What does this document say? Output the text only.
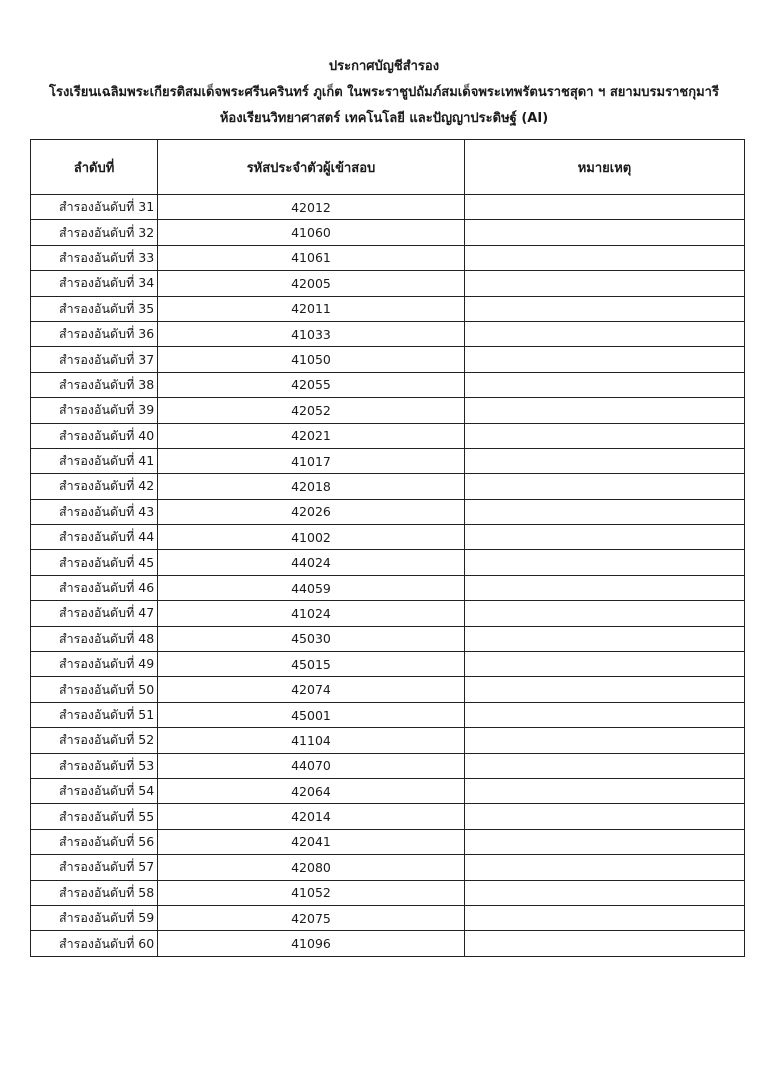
ประกาศบัญชีสำรอง
โรงเรียนเฉลิมพระเกียรติสมเด็จพระศรีนครินทร์ ภูเก็ต ในพระราชูปถัมภ์สมเด็จพระเทพรัตนราชสุดา ฯ สยามบรมราชกุมารี
ห้องเรียนวิทยาศาสตร์ เทคโนโลยี และปัญญาประดิษฐ์ (AI)
ลำดับที่	รหัสประจำตัวผู้เข้าสอบ	หมายเหตุ
สำรองอันดับที่ 31	42012	
สำรองอันดับที่ 32	41060	
สำรองอันดับที่ 33	41061	
สำรองอันดับที่ 34	42005	
สำรองอันดับที่ 35	42011	
สำรองอันดับที่ 36	41033	
สำรองอันดับที่ 37	41050	
สำรองอันดับที่ 38	42055	
สำรองอันดับที่ 39	42052	
สำรองอันดับที่ 40	42021	
สำรองอันดับที่ 41	41017	
สำรองอันดับที่ 42	42018	
สำรองอันดับที่ 43	42026	
สำรองอันดับที่ 44	41002	
สำรองอันดับที่ 45	44024	
สำรองอันดับที่ 46	44059	
สำรองอันดับที่ 47	41024	
สำรองอันดับที่ 48	45030	
สำรองอันดับที่ 49	45015	
สำรองอันดับที่ 50	42074	
สำรองอันดับที่ 51	45001	
สำรองอันดับที่ 52	41104	
สำรองอันดับที่ 53	44070	
สำรองอันดับที่ 54	42064	
สำรองอันดับที่ 55	42014	
สำรองอันดับที่ 56	42041	
สำรองอันดับที่ 57	42080	
สำรองอันดับที่ 58	41052	
สำรองอันดับที่ 59	42075	
สำรองอันดับที่ 60	41096	
